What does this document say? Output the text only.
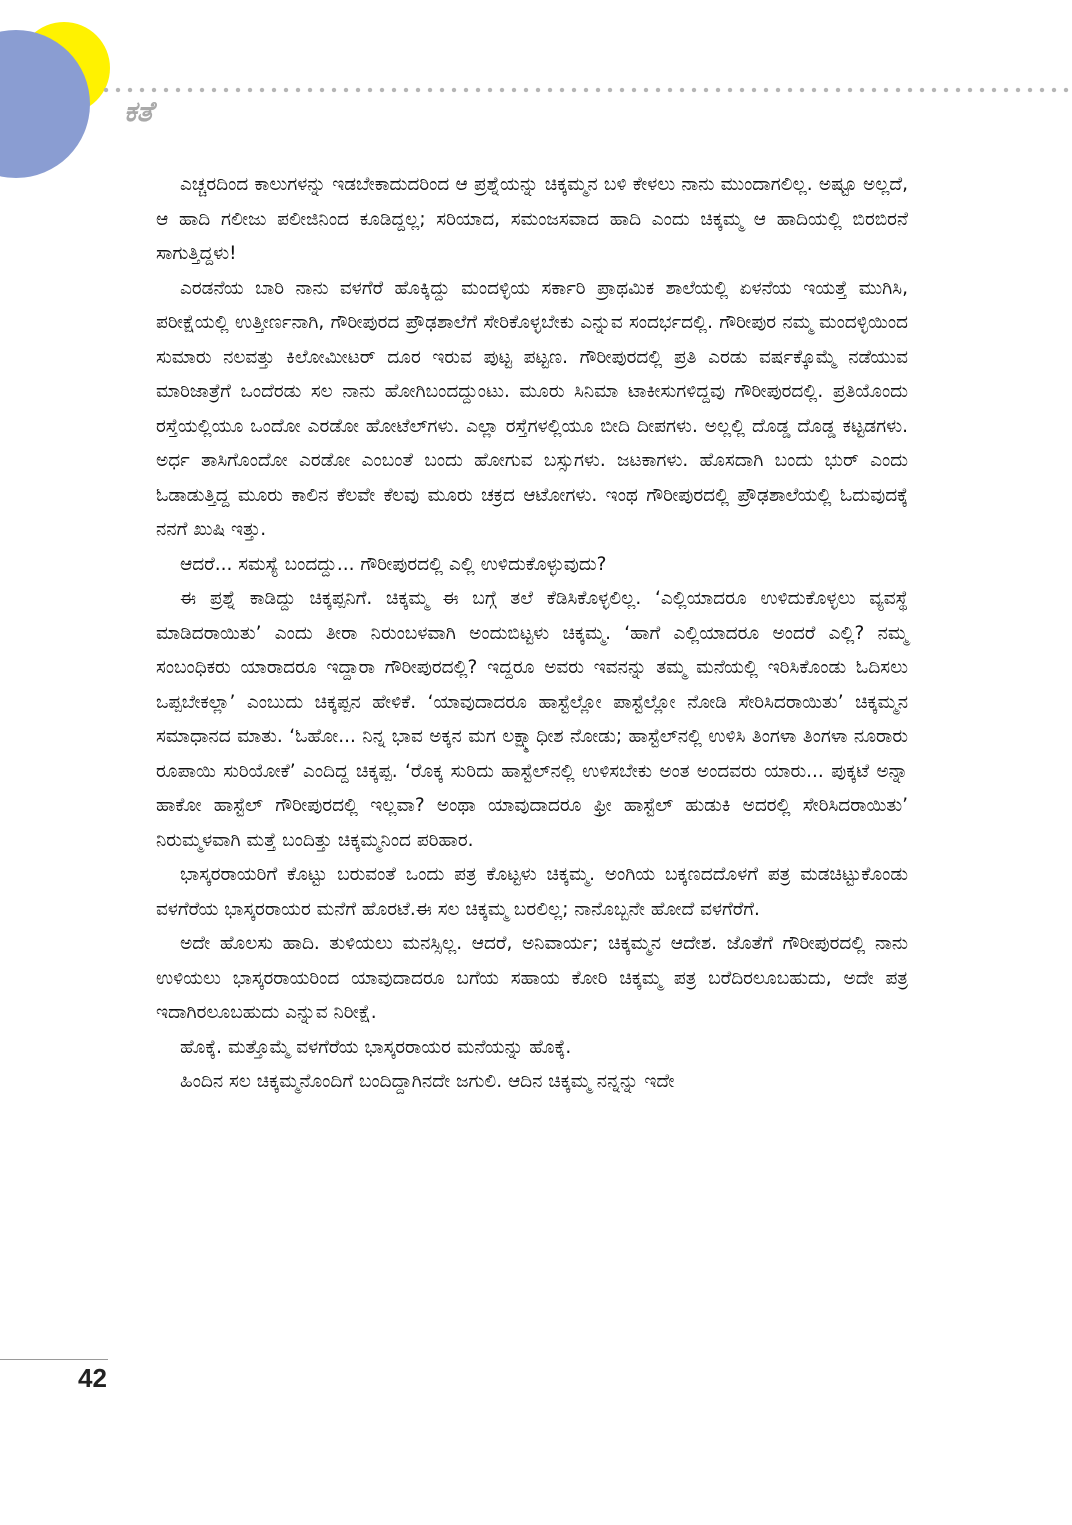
ಕತೆ

ಎಚ್ಚರದಿಂದ ಕಾಲುಗಳನ್ನು ಇಡಬೇಕಾದುದರಿಂದ ಆ ಪ್ರಶ್ನೆಯನ್ನು ಚಿಕ್ಕಮ್ಮನ ಬಳಿ ಕೇಳಲು ನಾನು ಮುಂದಾಗಲಿಲ್ಲ. ಅಷ್ಟೂ ಅಲ್ಲದೆ, ಆ ಹಾದಿ ಗಲೀಜು ಪಲೀಜಿನಿಂದ ಕೂಡಿದ್ದಲ್ಲ; ಸರಿಯಾದ, ಸಮಂಜಸವಾದ ಹಾದಿ ಎಂದು ಚಿಕ್ಕಮ್ಮ ಆ ಹಾದಿಯಲ್ಲಿ ಬಿರಬಿರನೆ ಸಾಗುತ್ತಿದ್ದಳು!

ಎರಡನೆಯ ಬಾರಿ ನಾನು ವಳಗೆರೆ ಹೊಕ್ಕಿದ್ದು ಮಂದಳ್ಳಿಯ ಸರ್ಕಾರಿ ಪ್ರಾಥಮಿಕ ಶಾಲೆಯಲ್ಲಿ ಏಳನೆಯ ಇಯತ್ತೆ ಮುಗಿಸಿ, ಪರೀಕ್ಷೆಯಲ್ಲಿ ಉತ್ತೀರ್ಣನಾಗಿ, ಗೌರೀಪುರದ ಪ್ರೌಢಶಾಲೆಗೆ ಸೇರಿಕೊಳ್ಳಬೇಕು ಎನ್ನುವ ಸಂದರ್ಭದಲ್ಲಿ. ಗೌರೀಪುರ ನಮ್ಮ ಮಂದಳ್ಳಿಯಿಂದ ಸುಮಾರು ನಲವತ್ತು ಕಿಲೋಮೀಟರ್ ದೂರ ಇರುವ ಪುಟ್ಟ ಪಟ್ಟಣ. ಗೌರೀಪುರದಲ್ಲಿ ಪ್ರತಿ ಎರಡು ವರ್ಷಕ್ಕೊಮ್ಮೆ ನಡೆಯುವ ಮಾರಿಜಾತ್ರೆಗೆ ಒಂದೆರಡು ಸಲ ನಾನು ಹೋಗಿಬಂದದ್ದುಂಟು. ಮೂರು ಸಿನಿಮಾ ಟಾಕೀಸುಗಳಿದ್ದವು ಗೌರೀಪುರದಲ್ಲಿ. ಪ್ರತಿಯೊಂದು ರಸ್ತೆಯಲ್ಲಿಯೂ ಒಂದೋ ಎರಡೋ ಹೋಟೆಲ್‌ಗಳು. ಎಲ್ಲಾ ರಸ್ತೆಗಳಲ್ಲಿಯೂ ಬೀದಿ ದೀಪಗಳು. ಅಲ್ಲಲ್ಲಿ ದೊಡ್ಡ ದೊಡ್ಡ ಕಟ್ಟಡಗಳು. ಅರ್ಧ ತಾಸಿಗೊಂದೋ ಎರಡೋ ಎಂಬಂತೆ ಬಂದು ಹೋಗುವ ಬಸ್ಸುಗಳು. ಜಟಕಾಗಳು. ಹೊಸದಾಗಿ ಬಂದು ಭುರ್ ಎಂದು ಓಡಾಡುತ್ತಿದ್ದ ಮೂರು ಕಾಲಿನ ಕೆಲವೇ ಕೆಲವು ಮೂರು ಚಕ್ರದ ಆಟೋಗಳು. ಇಂಥ ಗೌರೀಪುರದಲ್ಲಿ ಪ್ರೌಢಶಾಲೆಯಲ್ಲಿ ಓದುವುದಕ್ಕೆ ನನಗೆ ಖುಷಿ ಇತ್ತು.

ಆದರೆ... ಸಮಸ್ಯೆ ಬಂದದ್ದು... ಗೌರೀಪುರದಲ್ಲಿ ಎಲ್ಲಿ ಉಳಿದುಕೊಳ್ಳುವುದು?

ಈ ಪ್ರಶ್ನೆ ಕಾಡಿದ್ದು ಚಿಕ್ಕಪ್ಪನಿಗೆ. ಚಿಕ್ಕಮ್ಮ ಈ ಬಗ್ಗೆ ತಲೆ ಕೆಡಿಸಿಕೊಳ್ಳಲಿಲ್ಲ. ‘ಎಲ್ಲಿಯಾದರೂ ಉಳಿದುಕೊಳ್ಳಲು ವ್ಯವಸ್ಥೆ ಮಾಡಿದರಾಯಿತು’ ಎಂದು ತೀರಾ ನಿರುಂಬಳವಾಗಿ ಅಂದುಬಿಟ್ಟಳು ಚಿಕ್ಕಮ್ಮ. ‘ಹಾಗೆ ಎಲ್ಲಿಯಾದರೂ ಅಂದರೆ ಎಲ್ಲಿ? ನಮ್ಮ ಸಂಬಂಧಿಕರು ಯಾರಾದರೂ ಇದ್ದಾರಾ ಗೌರೀಪುರದಲ್ಲಿ? ಇದ್ದರೂ ಅವರು ಇವನನ್ನು ತಮ್ಮ ಮನೆಯಲ್ಲಿ ಇರಿಸಿಕೊಂಡು ಓದಿಸಲು ಒಪ್ಪಬೇಕಲ್ಲಾ’ ಎಂಬುದು ಚಿಕ್ಕಪ್ಪನ ಹೇಳಿಕೆ. ‘ಯಾವುದಾದರೂ ಹಾಸ್ಟೆಲ್ಲೋ ಪಾಸ್ಟೆಲ್ಲೋ ನೋಡಿ ಸೇರಿಸಿದರಾಯಿತು’ ಚಿಕ್ಕಮ್ಮನ ಸಮಾಧಾನದ ಮಾತು. ‘ಓಹೋ... ನಿನ್ನ ಭಾವ ಅಕ್ಕನ ಮಗ ಲಕ್ಷ್ಮಾಧೀಶ ನೋಡು; ಹಾಸ್ಟೆಲ್‌ನಲ್ಲಿ ಉಳಿಸಿ ತಿಂಗಳಾ ತಿಂಗಳಾ ನೂರಾರು ರೂಪಾಯಿ ಸುರಿಯೋಕೆ’ ಎಂದಿದ್ದ ಚಿಕ್ಕಪ್ಪ. ‘ರೊಕ್ಕ ಸುರಿದು ಹಾಸ್ಟೆಲ್‌ನಲ್ಲಿ ಉಳಿಸಬೇಕು ಅಂತ ಅಂದವರು ಯಾರು... ಪುಕ್ಕಟೆ ಅನ್ನಾ ಹಾಕೋ ಹಾಸ್ಟೆಲ್ ಗೌರೀಪುರದಲ್ಲಿ ಇಲ್ಲವಾ? ಅಂಥಾ ಯಾವುದಾದರೂ ಫ್ರೀ ಹಾಸ್ಟೆಲ್ ಹುಡುಕಿ ಅದರಲ್ಲಿ ಸೇರಿಸಿದರಾಯಿತು’ ನಿರುಮ್ಮಳವಾಗಿ ಮತ್ತೆ ಬಂದಿತ್ತು ಚಿಕ್ಕಮ್ಮನಿಂದ ಪರಿಹಾರ.

ಭಾಸ್ಕರರಾಯರಿಗೆ ಕೊಟ್ಟು ಬರುವಂತೆ ಒಂದು ಪತ್ರ ಕೊಟ್ಟಳು ಚಿಕ್ಕಮ್ಮ. ಅಂಗಿಯ ಬಕ್ಕಣದದೊಳಗೆ ಪತ್ರ ಮಡಚಿಟ್ಟುಕೊಂಡು ವಳಗೆರೆಯ ಭಾಸ್ಕರರಾಯರ ಮನೆಗೆ ಹೊರಟೆ.ಈ ಸಲ ಚಿಕ್ಕಮ್ಮ ಬರಲಿಲ್ಲ; ನಾನೊಬ್ಬನೇ ಹೋದೆ ವಳಗೆರೆಗೆ.

ಅದೇ ಹೊಲಸು ಹಾದಿ. ತುಳಿಯಲು ಮನಸ್ಸಿಲ್ಲ. ಆದರೆ, ಅನಿವಾರ್ಯ; ಚಿಕ್ಕಮ್ಮನ ಆದೇಶ. ಜೊತೆಗೆ ಗೌರೀಪುರದಲ್ಲಿ ನಾನು ಉಳಿಯಲು ಭಾಸ್ಕರರಾಯರಿಂದ ಯಾವುದಾದರೂ ಬಗೆಯ ಸಹಾಯ ಕೋರಿ ಚಿಕ್ಕಮ್ಮ ಪತ್ರ ಬರೆದಿರಲೂಬಹುದು, ಅದೇ ಪತ್ರ ಇದಾಗಿರಲೂಬಹುದು ಎನ್ನುವ ನಿರೀಕ್ಷೆ.

ಹೊಕ್ಕೆ. ಮತ್ತೊಮ್ಮೆ ವಳಗೆರೆಯ ಭಾಸ್ಕರರಾಯರ ಮನೆಯನ್ನು ಹೊಕ್ಕೆ.

ಹಿಂದಿನ ಸಲ ಚಿಕ್ಕಮ್ಮನೊಂದಿಗೆ ಬಂದಿದ್ದಾಗಿನದೇ ಜಗುಲಿ. ಆದಿನ ಚಿಕ್ಕಮ್ಮ ನನ್ನನ್ನು ಇದೇ

42
